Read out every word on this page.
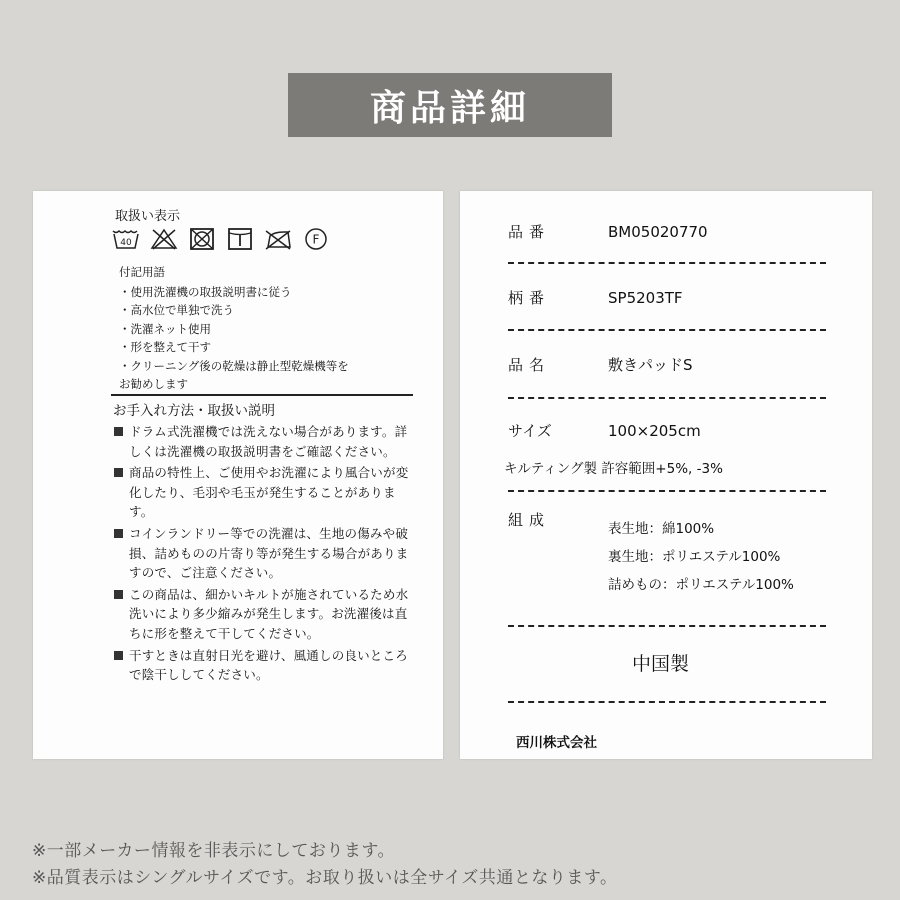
商品詳細
取扱い表示
40	F
付記用語
・使用洗濯機の取扱説明書に従う
・高水位で単独で洗う
・洗濯ネット使用
・形を整えて干す
・クリーニング後の乾燥は静止型乾燥機等を
お勧めします
お手入れ方法・取扱い説明
ドラム式洗濯機では洗えない場合があります。詳しくは洗濯機の取扱説明書をご確認ください。
商品の特性上、ご使用やお洗濯により風合いが変化したり、毛羽や毛玉が発生することがあります。
コインランドリー等での洗濯は、生地の傷みや破損、詰めものの片寄り等が発生する場合がありますので、ご注意ください。
この商品は、細かいキルトが施されているため水洗いにより多少縮みが発生します。お洗濯後は直ちに形を整えて干してください。
干すときは直射日光を避け、風通しの良いところで陰干ししてください。
品番	BM05020770
柄番	SP5203TF
品名	敷きパッドS
サイズ	100×205cm
キルティング製 許容範囲+5%, -3%
組成	表生地：綿100%
裏生地：ポリエステル100%
詰めもの：ポリエステル100%
中国製
西川株式会社
※一部メーカー情報を非表示にしております。
※品質表示はシングルサイズです。お取り扱いは全サイズ共通となります。
